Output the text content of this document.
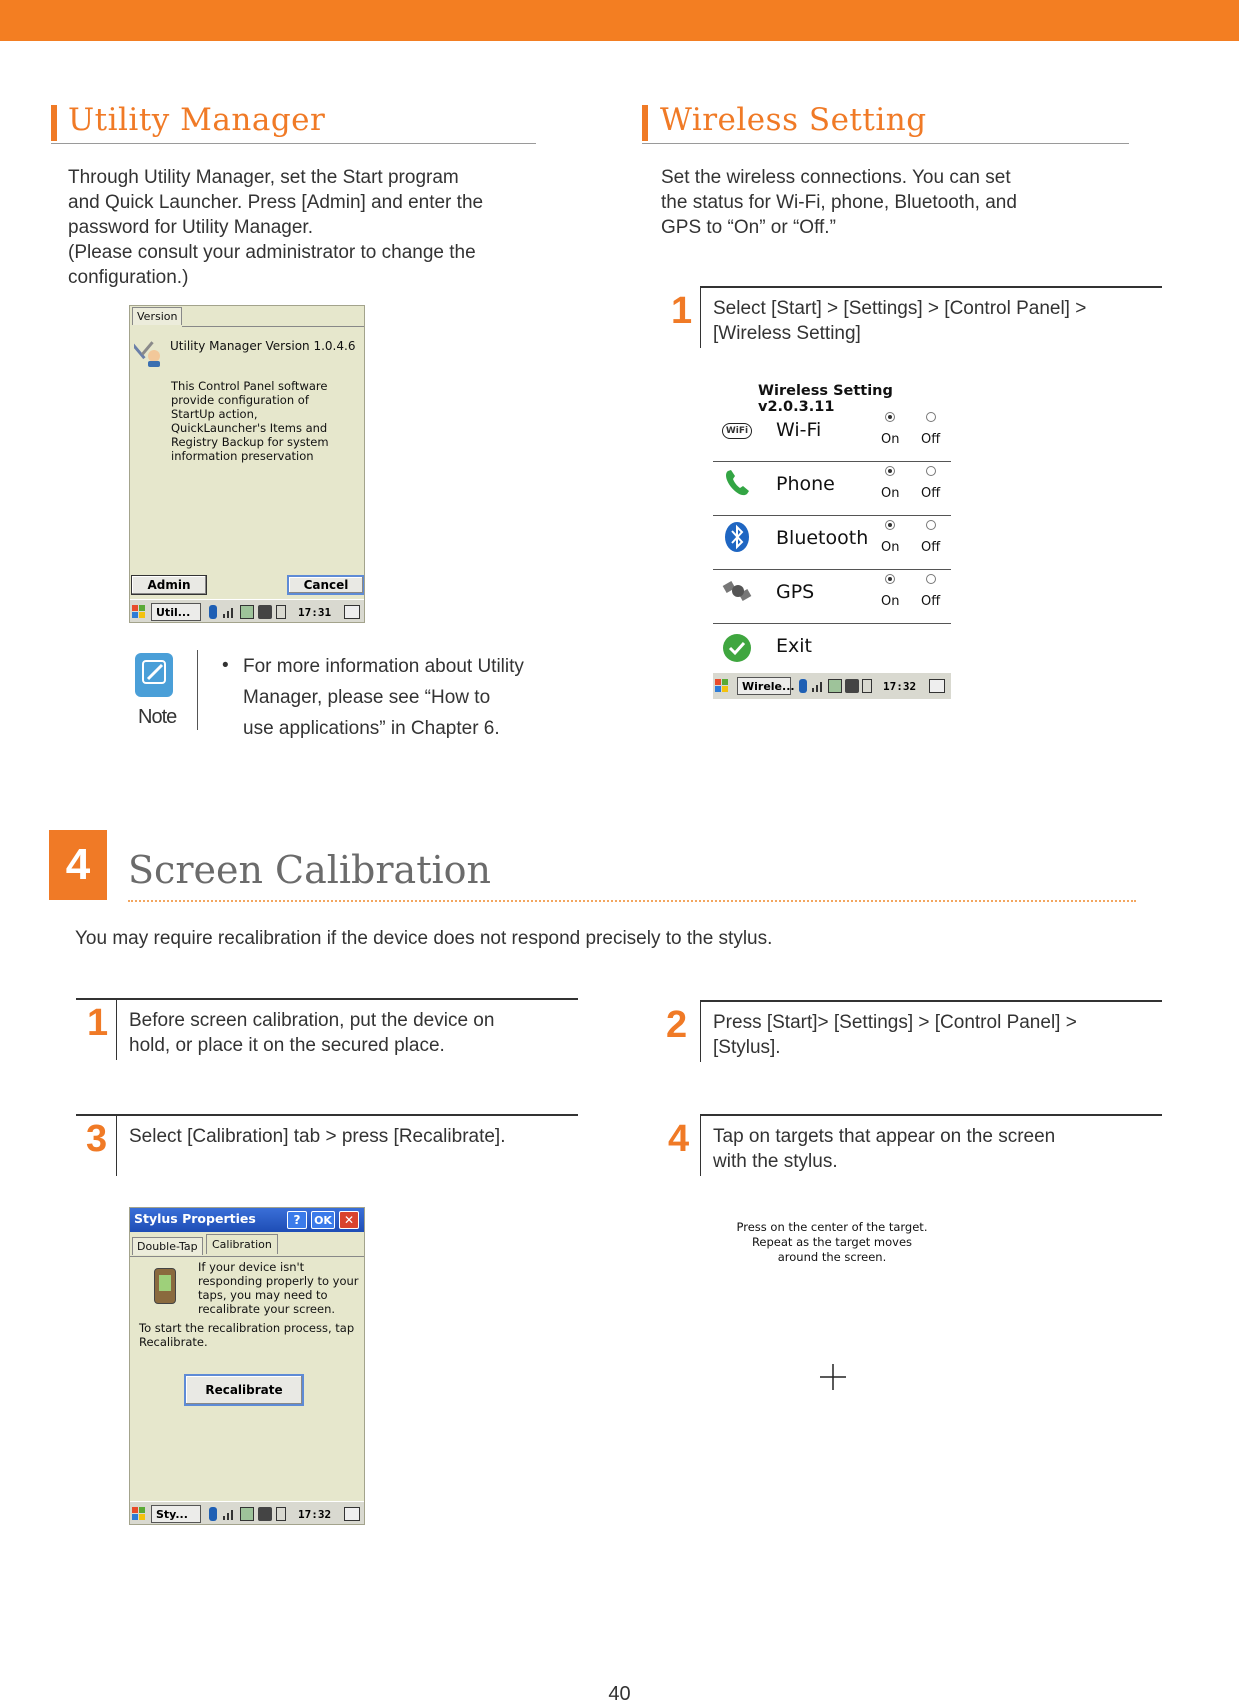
Utility Manager
Through Utility Manager, set the Start program
and Quick Launcher. Press [Admin] and enter the
password for Utility Manager.
(Please consult your administrator to change the
configuration.)
Version
Utility Manager Version 1.0.4.6
This Control Panel software
provide configuration of
StartUp action,
QuickLauncher's Items and
Registry Backup for system
information preservation
Admin	Cancel
Util...	17:31
Note
• For more information about Utility
Manager, please see “How to
use applications” in Chapter 6.
Wireless Setting
Set the wireless connections. You can set
the status for Wi-Fi, phone, Bluetooth, and
GPS to “On” or “Off.”
1 Select [Start] > [Settings] > [Control Panel] >
[Wireless Setting]
Wireless Setting v2.0.3.11
WiFi Wi-Fi	On Off
Phone	On Off
Bluetooth On Off
GPS	On Off
Exit
Wirele...	17:32
4 Screen Calibration
You may require recalibration if the device does not respond precisely to the stylus.
1 Before screen calibration, put the device on
hold, or place it on the secured place.	2 Press [Start]> [Settings] > [Control Panel] >
[Stylus].
3 Select [Calibration] tab > press [Recalibrate].	4 Tap on targets that appear on the screen
with the stylus.
Stylus Properties	?	OK	✕
Double-Tap	Calibration
If your device isn't
responding properly to your
taps, you may need to
recalibrate your screen.
To start the recalibration process, tap
Recalibrate.
Recalibrate
Sty...	17:32
Press on the center of the target.
Repeat as the target moves
around the screen.
40
